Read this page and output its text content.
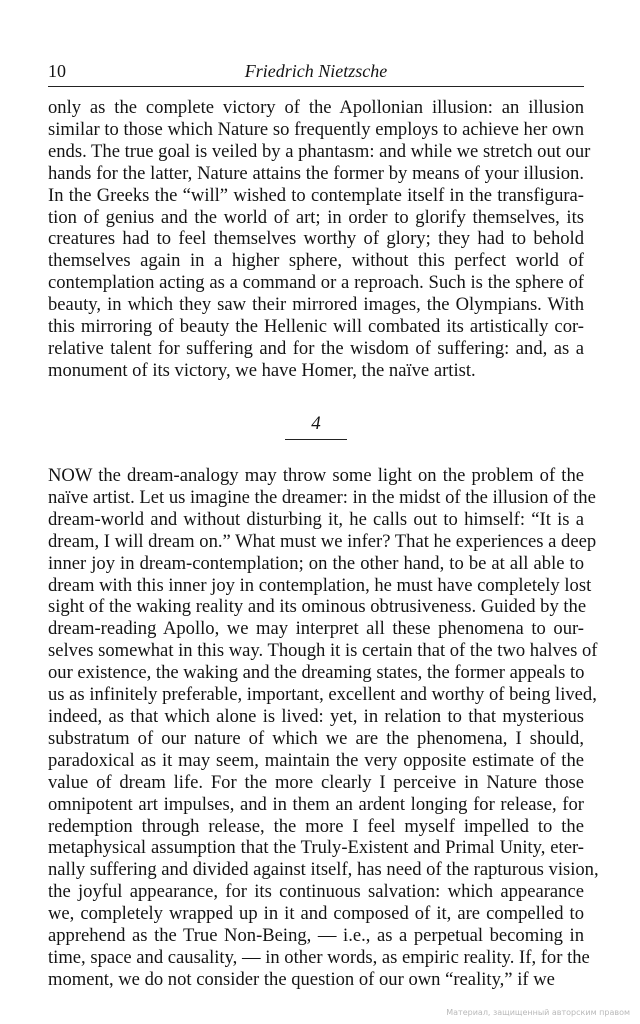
10	Friedrich Nietzsche
only as the complete victory of the Apollonian illusion: an illusion
similar to those which Nature so frequently employs to achieve her own
ends. The true goal is veiled by a phantasm: and while we stretch out our
hands for the latter, Nature attains the former by means of your illusion.
In the Greeks the “will” wished to contemplate itself in the transfigura-
tion of genius and the world of art; in order to glorify themselves, its
creatures had to feel themselves worthy of glory; they had to behold
themselves again in a higher sphere, without this perfect world of
contemplation acting as a command or a reproach. Such is the sphere of
beauty, in which they saw their mirrored images, the Olympians. With
this mirroring of beauty the Hellenic will combated its artistically cor-
relative talent for suffering and for the wisdom of suffering: and, as a
monument of its victory, we have Homer, the naïve artist.
4
NOW the dream-analogy may throw some light on the problem of the
naïve artist. Let us imagine the dreamer: in the midst of the illusion of the
dream-world and without disturbing it, he calls out to himself: “It is a
dream, I will dream on.” What must we infer? That he experiences a deep
inner joy in dream-contemplation; on the other hand, to be at all able to
dream with this inner joy in contemplation, he must have completely lost
sight of the waking reality and its ominous obtrusiveness. Guided by the
dream-reading Apollo, we may interpret all these phenomena to our-
selves somewhat in this way. Though it is certain that of the two halves of
our existence, the waking and the dreaming states, the former appeals to
us as infinitely preferable, important, excellent and worthy of being lived,
indeed, as that which alone is lived: yet, in relation to that mysterious
substratum of our nature of which we are the phenomena, I should,
paradoxical as it may seem, maintain the very opposite estimate of the
value of dream life. For the more clearly I perceive in Nature those
omnipotent art impulses, and in them an ardent longing for release, for
redemption through release, the more I feel myself impelled to the
metaphysical assumption that the Truly-Existent and Primal Unity, eter-
nally suffering and divided against itself, has need of the rapturous vision,
the joyful appearance, for its continuous salvation: which appearance
we, completely wrapped up in it and composed of it, are compelled to
apprehend as the True Non-Being, — i.e., as a perpetual becoming in
time, space and causality, — in other words, as empiric reality. If, for the
moment, we do not consider the question of our own “reality,” if we
Материал, защищенный авторским правом
